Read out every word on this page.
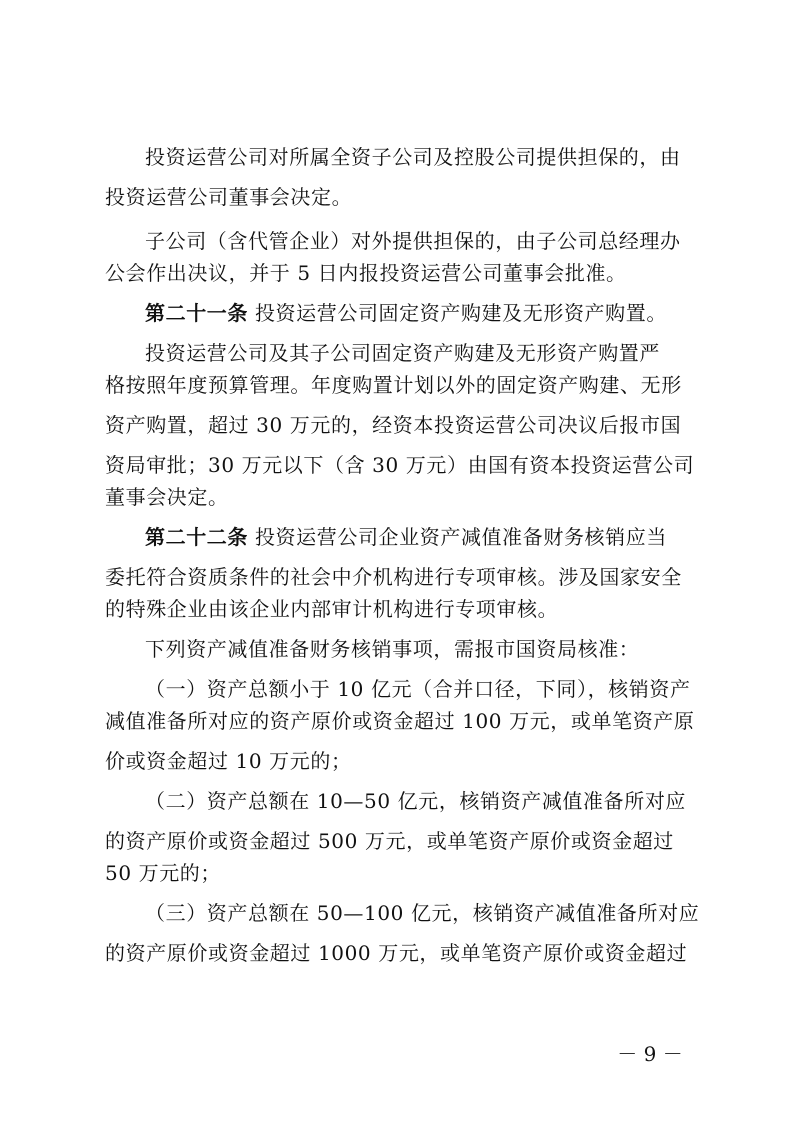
投资运营公司对所属全资子公司及控股公司提供担保的，由
投资运营公司董事会决定。
子公司（含代管企业）对外提供担保的，由子公司总经理办
公会作出决议，并于 5 日内报投资运营公司董事会批准。
第二十一条 投资运营公司固定资产购建及无形资产购置。
投资运营公司及其子公司固定资产购建及无形资产购置严
格按照年度预算管理。年度购置计划以外的固定资产购建、无形
资产购置，超过 30 万元的，经资本投资运营公司决议后报市国
资局审批；30 万元以下（含 30 万元）由国有资本投资运营公司
董事会决定。
第二十二条 投资运营公司企业资产减值准备财务核销应当
委托符合资质条件的社会中介机构进行专项审核。涉及国家安全
的特殊企业由该企业内部审计机构进行专项审核。
下列资产减值准备财务核销事项，需报市国资局核准：
（一）资产总额小于 10 亿元（合并口径，下同），核销资产
减值准备所对应的资产原价或资金超过 100 万元，或单笔资产原
价或资金超过 10 万元的；
（二）资产总额在 10—50 亿元，核销资产减值准备所对应
的资产原价或资金超过 500 万元，或单笔资产原价或资金超过
50 万元的；
（三）资产总额在 50—100 亿元，核销资产减值准备所对应
的资产原价或资金超过 1000 万元，或单笔资产原价或资金超过
－ 9 －
